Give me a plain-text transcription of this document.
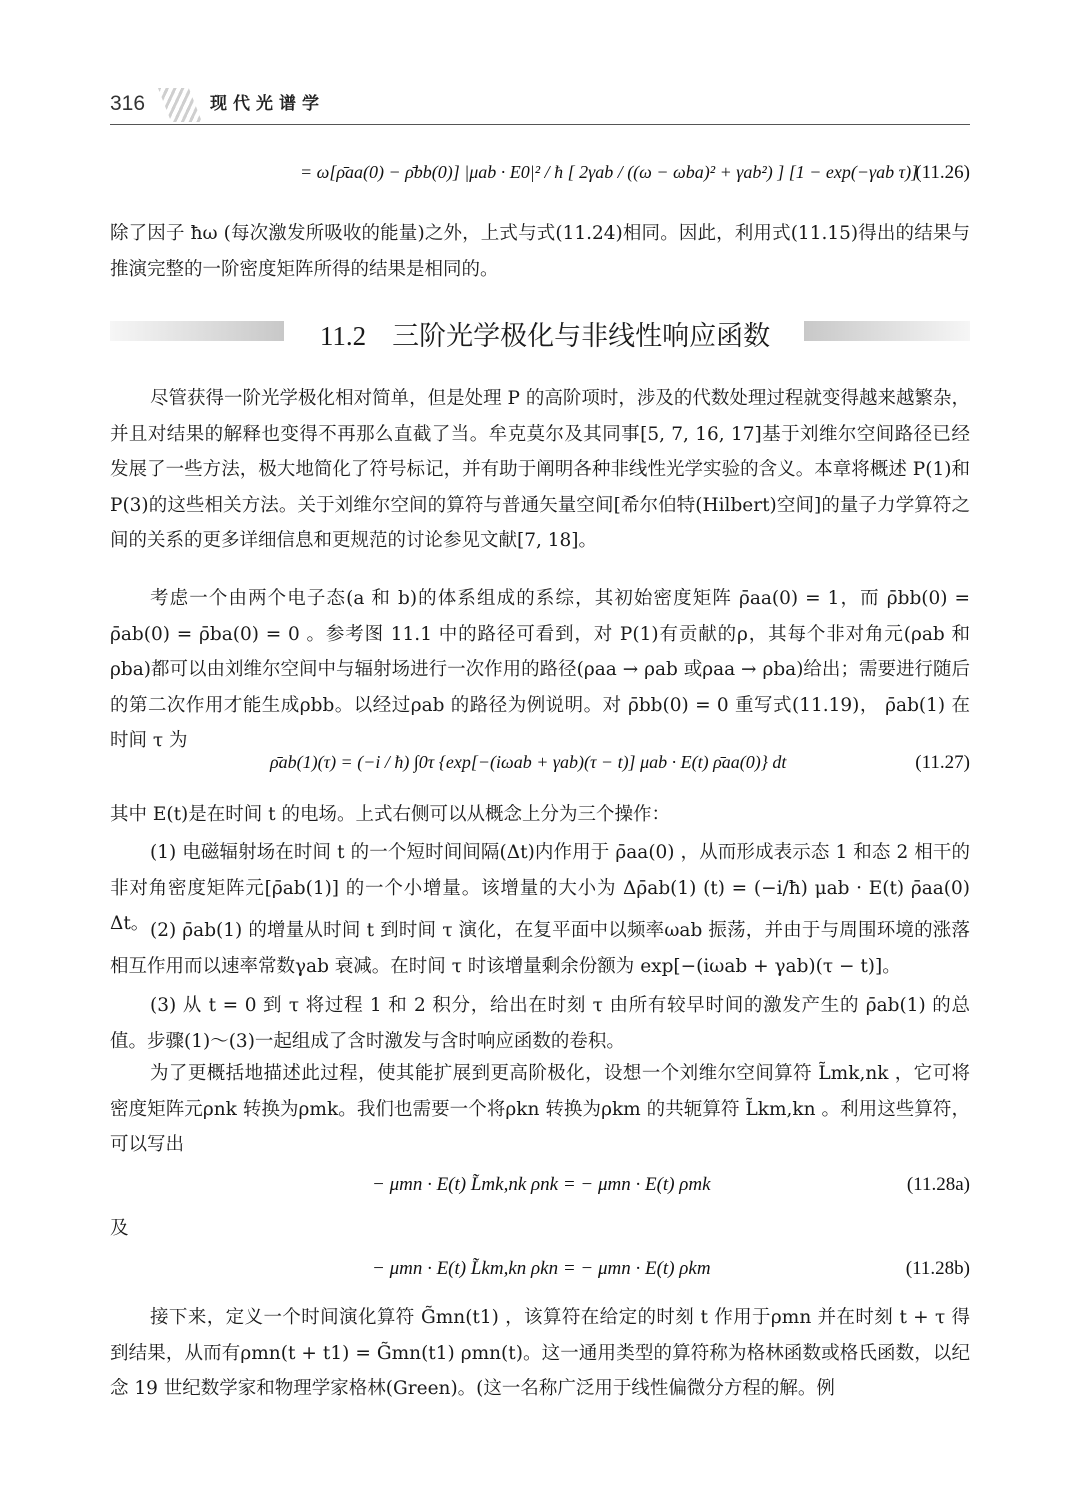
316	现代光谱学
= ω[ρ̄aa(0) − ρ̄bb(0)] |μab · E0|² / ħ [ 2γab / ((ω − ωba)² + γab²) ] [1 − exp(−γab τ)]
(11.26)

除了因子 ħω (每次激发所吸收的能量)之外，上式与式(11.24)相同。因此，利用式(11.15)得出的结果与推演完整的一阶密度矩阵所得的结果是相同的。

11.2 三阶光学极化与非线性响应函数

尽管获得一阶光学极化相对简单，但是处理 P 的高阶项时，涉及的代数处理过程就变得越来越繁杂，并且对结果的解释也变得不再那么直截了当。牟克莫尔及其同事[5, 7, 16, 17]基于刘维尔空间路径已经发展了一些方法，极大地简化了符号标记，并有助于阐明各种非线性光学实验的含义。本章将概述 P(1)和 P(3)的这些相关方法。关于刘维尔空间的算符与普通矢量空间[希尔伯特(Hilbert)空间]的量子力学算符之间的关系的更多详细信息和更规范的讨论参见文献[7, 18]。

考虑一个由两个电子态(a 和 b)的体系组成的系综，其初始密度矩阵 ρ̄aa(0) = 1，而 ρ̄bb(0) = ρ̄ab(0) = ρ̄ba(0) = 0 。参考图 11.1 中的路径可看到，对 P(1)有贡献的ρ，其每个非对角元(ρab 和ρba)都可以由刘维尔空间中与辐射场进行一次作用的路径(ρaa → ρab 或ρaa → ρba)给出；需要进行随后的第二次作用才能生成ρbb。以经过ρab 的路径为例说明。对 ρ̄bb(0) = 0 重写式(11.19)， ρ̄ab(1) 在时间 τ 为

ρ̄ab(1)(τ) = (−i / ħ) ∫0τ {exp[−(iωab + γab)(τ − t)] μab · E(t) ρ̄aa(0)} dt	(11.27)

其中 E(t)是在时间 t 的电场。上式右侧可以从概念上分为三个操作：

(1) 电磁辐射场在时间 t 的一个短时间间隔(Δt)内作用于 ρ̄aa(0) ，从而形成表示态 1 和态 2 相干的非对角密度矩阵元[ρ̄ab(1)] 的一个小增量。该增量的大小为 Δρ̄ab(1) (t) = (−i/ħ) μab · E(t) ρ̄aa(0) Δt。 (2) ρ̄ab(1) 的增量从时间 t 到时间 τ 演化，在复平面中以频率ωab 振荡，并由于与周围环境的涨落相互作用而以速率常数γab 衰减。在时间 τ 时该增量剩余份额为 exp[−(iωab + γab)(τ − t)]。

(3) 从 t = 0 到 τ 将过程 1 和 2 积分，给出在时刻 τ 由所有较早时间的激发产生的 ρ̄ab(1) 的总值。步骤(1)～(3)一起组成了含时激发与含时响应函数的卷积。

为了更概括地描述此过程，使其能扩展到更高阶极化，设想一个刘维尔空间算符 L̃mk,nk ，它可将密度矩阵元ρnk 转换为ρmk。我们也需要一个将ρkn 转换为ρkm 的共轭算符 L̃km,kn 。利用这些算符，可以写出

− μmn · E(t) L̃mk,nk ρnk = − μmn · E(t) ρmk	(11.28a)
及
− μmn · E(t) L̃km,kn ρkn = − μmn · E(t) ρkm	(11.28b)

接下来，定义一个时间演化算符 G̃mn(t1) ，该算符在给定的时刻 t 作用于ρmn 并在时刻 t + τ 得到结果，从而有ρmn(t + t1) = G̃mn(t1) ρmn(t)。这一通用类型的算符称为格林函数或格氏函数，以纪念 19 世纪数学家和物理学家格林(Green)。(这一名称广泛用于线性偏微分方程的解。例
